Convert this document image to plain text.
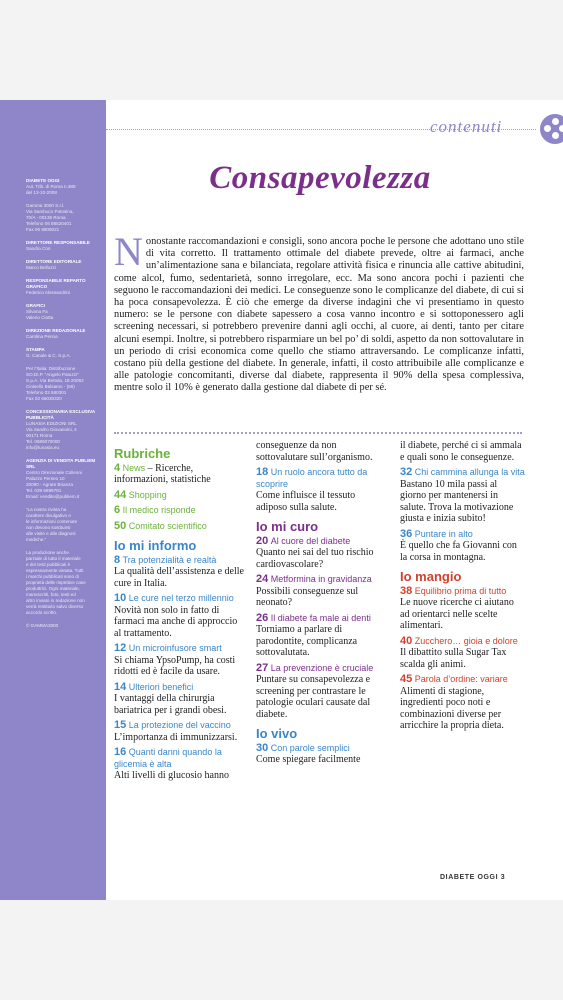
DIABETE OGGI
Aut. Trib. di Roma n.388
del 13-10-2008
Gamma 3000 S.r.l.
Via Sambuco Potosina,
70/A - 00136 Roma
Telefono 06 88520401
Fax 06 8808021
DIRETTORE RESPONSABILE
Sandra Cori
DIRETTORE EDITORIALE
Marco Belluzzi
RESPONSABILE REPARTO GRAFICO
Federico Alessandrini
GRAFICI
Silvana Fa
Valerio Ciotta
DIREZIONE REDAZIONALE
Carolina Penna
STAMPA
G. Canale & C. S.p.A.
Per l’Italia: Distribuzione
SO.DI.P. “Angelo Patuzzi”
S.p.A. Via Bettola, 18 20092
Cinisello Balsamo - (MI)
Telefono 02 660301
Fax 02 66030320
CONCESSIONARIA ESCLUSIVA PUBBLICITÀ
LUNASIA EDIZIONI SRL
Via Sandro Giovannini, 4
00171 Roma
Tel. 0686070000
info@lunasia.eu
AGENZIA DI VENDITA PUBLIEM SRL
Centro Direzionale Colleoni
Palazzo Perseo 10
20090 - Agrate Brianza
Tel. 039 6899791
Email: vendite@publiem.it
“La nostra rivista ha
carattere divulgativo e
le informazioni contenute
non devono sostituirsi
alle visite e alle diagnosi
mediche.”
La produzione anche
parziale di tutto il materiale
e dei testi pubblicati è
espressamente vietata. Tutti
i marchi pubblicati sono di
proprietà delle rispettive case
produttrici. Ogni materiale,
manoscritti, foto, testi ed
altro inviato in redazione non
verrà restituito salvo diverso
accordo scritto.
© GAMMA3000
contenuti
Consapevolezza
Nonostante raccomandazioni e consigli, sono ancora poche le persone che adottano uno stile di vita corretto. Il trattamento ottimale del diabete prevede, oltre ai farmaci, anche un’alimentazione sana e bilanciata, regolare attività fisica e rinuncia alle cattive abitudini, come alcol, fumo, sedentarietà, sonno irregolare, ecc. Ma sono ancora pochi i pazienti che seguono le raccomandazioni dei medici. Le conseguenze sono le complicanze del diabete, di cui si ha poca consapevolezza. È ciò che emerge da diverse indagini che vi presentiamo in questo numero: se le persone con diabete sapessero a cosa vanno incontro e si sottoponessero agli screening necessari, si potrebbero prevenire danni agli occhi, al cuore, ai denti, tanto per citare alcuni esempi. Inoltre, si potrebbero risparmiare un bel po’ di soldi, aspetto da non sottovalutare in un periodo di crisi economica come quello che stiamo attraversando. Le complicanze infatti, costano più della gestione del diabete. In generale, infatti, il costo attribuibile alle complicanze e alle patologie concomitanti, diverse dal diabete, rappresenta il 90% della spesa complessiva, mentre solo il 10% è generato dalla gestione dal diabete di per sé.
Rubriche
4 News – Ricerche, informazioni, statistiche
44 Shopping
6 Il medico risponde
50 Comitato scientifico
Io mi informo
8 Tra potenzialità e realtà
La qualità dell’assistenza e delle cure in Italia.
10 Le cure nel terzo millennio
Novità non solo in fatto di farmaci ma anche di approccio al trattamento.
12 Un microinfusore smart
Si chiama YpsoPump, ha costi ridotti ed è facile da usare.
14 Ulteriori benefici
I vantaggi della chirurgia bariatrica per i grandi obesi.
15 La protezione del vaccino
L’importanza di immunizzarsi.
16 Quanti danni quando la glicemia è alta
Alti livelli di glucosio hanno
conseguenze da non sottovalutare sull’organismo.
18 Un ruolo ancora tutto da scoprire
Come influisce il tessuto adiposo sulla salute.
Io mi curo
20 Al cuore del diabete
Quanto nei sai del tuo rischio cardiovascolare?
24 Metformina in gravidanza
Possibili conseguenze sul neonato?
26 Il diabete fa male ai denti
Torniamo a parlare di parodontite, complicanza sottovalutata.
27 La prevenzione è cruciale
Puntare su consapevolezza e screening per contrastare le patologie oculari causate dal diabete.
Io vivo
30 Con parole semplici
Come spiegare facilmente
il diabete, perché ci si ammala e quali sono le conseguenze.
32 Chi cammina allunga la vita
Bastano 10 mila passi al giorno per mantenersi in salute. Trova la motivazione giusta e inizia subito!
36 Puntare in alto
È quello che fa Giovanni con la corsa in montagna.
Io mangio
38 Equilibrio prima di tutto
Le nuove ricerche ci aiutano ad orientarci nelle scelte alimentari.
40 Zucchero… gioia e dolore
Il dibattito sulla Sugar Tax scalda gli animi.
45 Parola d’ordine: variare
Alimenti di stagione, ingredienti poco noti e combinazioni diverse per arricchire la propria dieta.
DIABETE OGGI 3
